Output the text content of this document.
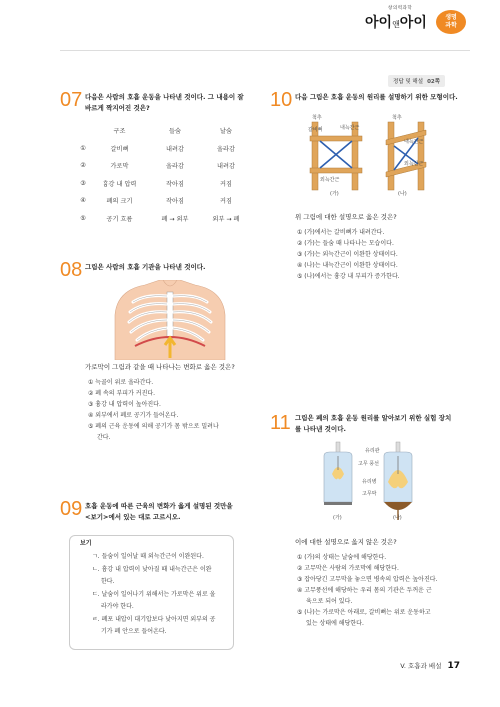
창의력과학
아이앤아이	생명
과학
정답 및 해설 02쪽
07 다음은 사람의 호흡 운동을 나타낸 것이다. 그 내용이 잘
바르게 짝지어진 것은?
	구조	들숨	날숨
①	갈비뼈	내려감	올라감
②	가로막	올라감	내려감
③	흉강 내 압력	작아짐	커짐
④	폐의 크기	작아짐	커짐
⑤	공기 흐름	폐 → 외부	외부 → 폐
08 그림은 사람의 호흡 기관을 나타낸 것이다.
가로막이 그림과 같을 때 나타나는 변화로 옳은 것은?
① 늑골이 위로 올라간다.
② 폐 속의 부피가 커진다.
③ 흉강 내 압력이 높아진다.
④ 외부에서 폐로 공기가 들어온다.
⑤ 폐의 근육 운동에 의해 공기가 몸 밖으로 밀려나
간다.
09 호흡 운동에 따른 근육의 변화가 옳게 설명된 것만을
<보기>에서 있는 대로 고르시오.
보기
ㄱ. 들숨이 일어날 때 외늑간근이 이완된다.
ㄴ. 흉강 내 압력이 낮아질 때 내늑간근은 이완
한다.
ㄷ. 날숨이 일어나기 위해서는 가로막은 위로 올
라가야 한다.
ㄹ. 폐포 내압이 대기압보다 낮아지면 외부의 공
기가 폐 안으로 들어온다.
10 다음 그림은 호흡 운동의 원리를 설명하기 위한 모형이다.
척추
갈비뼈	내늑간근
외늑간근
(가)
척추
내늑간근
외늑간근
(나)
위 그림에 대한 설명으로 옳은 것은?
① (가)에서는 갈비뼈가 내려간다.
② (가)는 들숨 때 나타나는 모습이다.
③ (가)는 외늑간근이 이완한 상태이다.
④ (나)는 내늑간근이 이완한 상태이다.
⑤ (나)에서는 흉강 내 부피가 증가한다.
11 그림은 폐의 호흡 운동 원리를 알아보기 위한 실험 장치
를 나타낸 것이다.
유리관
고무 풍선
유리병
고무막
(가)	(나)
이에 대한 설명으로 옳지 않은 것은?
① (가)의 상태는 날숨에 해당한다.
② 고무막은 사람의 가로막에 해당한다.
③ 잡아당긴 고무막을 놓으면 병속의 압력은 높아진다.
④ 고무풍선에 해당하는 우리 몸의 기관은 두꺼운 근
육으로 되어 있다.
⑤ (나)는 가로막은 아래로, 갈비뼈는 위로 운동하고
있는 상태에 해당한다.
V. 호흡과 배설 17
